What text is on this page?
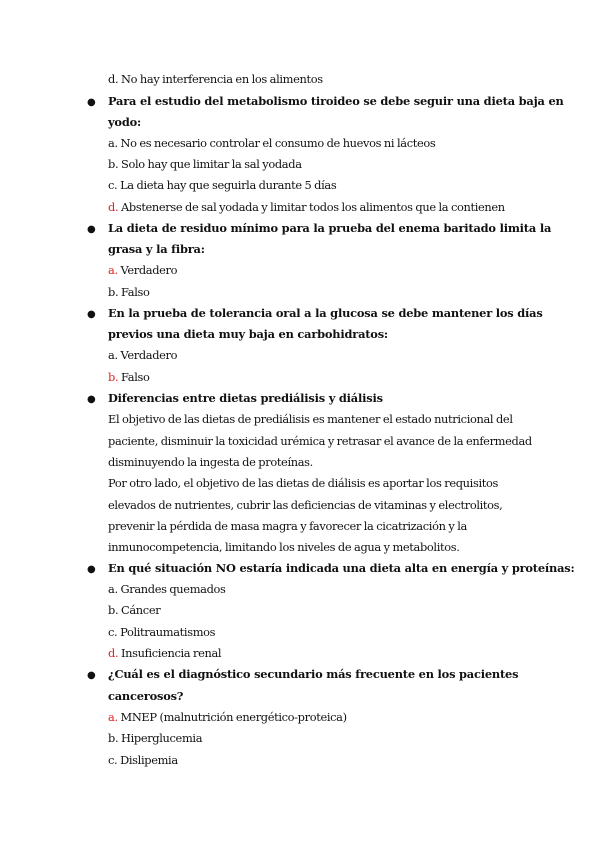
d. No hay interferencia en los alimentos
● Para el estudio del metabolismo tiroideo se debe seguir una dieta baja en
yodo:
a. No es necesario controlar el consumo de huevos ni lácteos
b. Solo hay que limitar la sal yodada
c. La dieta hay que seguirla durante 5 días
d. Abstenerse de sal yodada y limitar todos los alimentos que la contienen
● La dieta de residuo mínimo para la prueba del enema baritado limita la
grasa y la fibra:
a. Verdadero
b. Falso
● En la prueba de tolerancia oral a la glucosa se debe mantener los días
previos una dieta muy baja en carbohidratos:
a. Verdadero
b. Falso
● Diferencias entre dietas prediálisis y diálisis
El objetivo de las dietas de prediálisis es mantener el estado nutricional del
paciente, disminuir la toxicidad urémica y retrasar el avance de la enfermedad
disminuyendo la ingesta de proteínas.
Por otro lado, el objetivo de las dietas de diálisis es aportar los requisitos
elevados de nutrientes, cubrir las deficiencias de vitaminas y electrolitos,
prevenir la pérdida de masa magra y favorecer la cicatrización y la
inmunocompetencia, limitando los niveles de agua y metabolitos.
● En qué situación NO estaría indicada una dieta alta en energía y proteínas:
a. Grandes quemados
b. Cáncer
c. Politraumatismos
d. Insuficiencia renal
● ¿Cuál es el diagnóstico secundario más frecuente en los pacientes
cancerosos?
a. MNEP (malnutrición energético-proteica)
b. Hiperglucemia
c. Dislipemia
